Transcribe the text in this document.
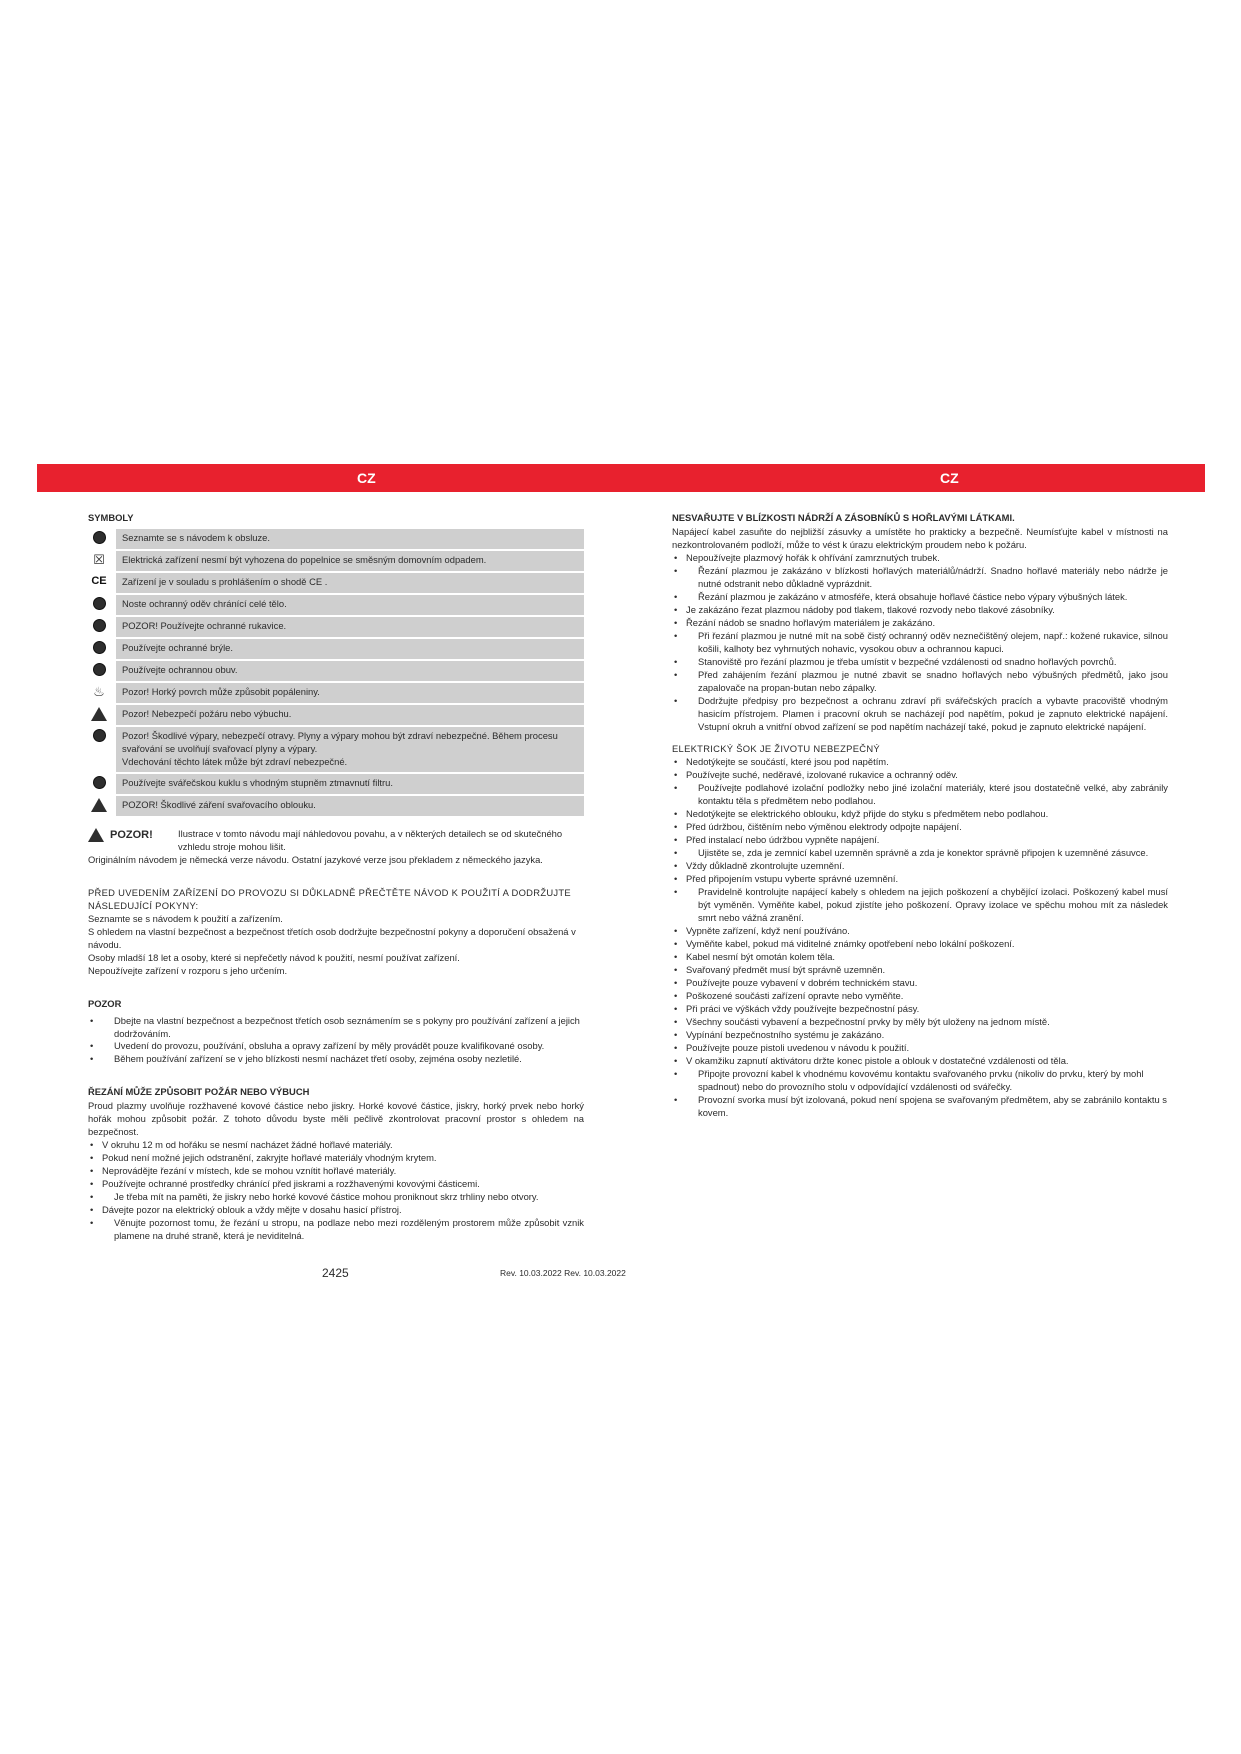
CZ	CZ
SYMBOLY
Seznamte se s návodem k obsluze.
☒	Elektrická zařízení nesmí být vyhozena do popelnice se směsným domovním odpadem.
CE	Zařízení je v souladu s prohlášením o shodě CE .
Noste ochranný oděv chránící celé tělo.
POZOR! Používejte ochranné rukavice.
Používejte ochranné brýle.
Používejte ochrannou obuv.
♨	Pozor! Horký povrch může způsobit popáleniny.
Pozor! Nebezpečí požáru nebo výbuchu.
Pozor! Škodlivé výpary, nebezpečí otravy. Plyny a výpary mohou být zdraví nebezpečné. Během procesu svařování se uvolňují svařovací plyny a výpary.
Vdechování těchto látek může být zdraví nebezpečné.
Používejte svářečskou kuklu s vhodným stupněm ztmavnutí filtru.
POZOR! Škodlivé záření svařovacího oblouku.
POZOR!	Ilustrace v tomto návodu mají náhledovou povahu, a v některých detailech se od skutečného vzhledu stroje mohou lišit.

Originálním návodem je německá verze návodu. Ostatní jazykové verze jsou překladem z německého jazyka.

PŘED UVEDENÍM ZAŘÍZENÍ DO PROVOZU SI DŮKLADNĚ PŘEČTĚTE NÁVOD K POUŽITÍ A DODRŽUJTE NÁSLEDUJÍCÍ POKYNY:

Seznamte se s návodem k použití a zařízením.

S ohledem na vlastní bezpečnost a bezpečnost třetích osob dodržujte bezpečnostní pokyny a doporučení obsažená v návodu.

Osoby mladší 18 let a osoby, které si nepřečetly návod k použití, nesmí používat zařízení.

Nepoužívejte zařízení v rozporu s jeho určením.

POZOR
• Dbejte na vlastní bezpečnost a bezpečnost třetích osob seznámením se s pokyny pro používání zařízení a jejich dodržováním.
• Uvedení do provozu, používání, obsluha a opravy zařízení by měly provádět pouze kvalifikované osoby.
• Během používání zařízení se v jeho blízkosti nesmí nacházet třetí osoby, zejména osoby nezletilé.
ŘEZÁNÍ MŮŽE ZPŮSOBIT POŽÁR NEBO VÝBUCH

Proud plazmy uvolňuje rozžhavené kovové částice nebo jiskry. Horké kovové částice, jiskry, horký prvek nebo horký hořák mohou způsobit požár. Z tohoto důvodu byste měli pečlivě zkontrolovat pracovní prostor s ohledem na bezpečnost.

• V okruhu 12 m od hořáku se nesmí nacházet žádné hořlavé materiály.
• Pokud není možné jejich odstranění, zakryjte hořlavé materiály vhodným krytem.
• Neprovádějte řezání v místech, kde se mohou vznítit hořlavé materiály.
• Používejte ochranné prostředky chránící před jiskrami a rozžhavenými kovovými částicemi.
• Je třeba mít na paměti, že jiskry nebo horké kovové částice mohou proniknout skrz trhliny nebo otvory.
• Dávejte pozor na elektrický oblouk a vždy mějte v dosahu hasicí přístroj.
• Věnujte pozornost tomu, že řezání u stropu, na podlaze nebo mezi rozděleným prostorem může způsobit vznik plamene na druhé straně, která je neviditelná.
NESVAŘUJTE V BLÍZKOSTI NÁDRŽÍ A ZÁSOBNÍKŮ S HOŘLAVÝMI LÁTKAMI.

Napájecí kabel zasuňte do nejbližší zásuvky a umístěte ho prakticky a bezpečně. Neumísťujte kabel v místnosti na nezkontrolovaném podloží, může to vést k úrazu elektrickým proudem nebo k požáru.

• Nepoužívejte plazmový hořák k ohřívání zamrznutých trubek.
• Řezání plazmou je zakázáno v blízkosti hořlavých materiálů/nádrží. Snadno hořlavé materiály nebo nádrže je nutné odstranit nebo důkladně vyprázdnit.
• Řezání plazmou je zakázáno v atmosféře, která obsahuje hořlavé částice nebo výpary výbušných látek.
• Je zakázáno řezat plazmou nádoby pod tlakem, tlakové rozvody nebo tlakové zásobníky.
• Řezání nádob se snadno hořlavým materiálem je zakázáno.
• Při řezání plazmou je nutné mít na sobě čistý ochranný oděv neznečištěný olejem, např.: kožené rukavice, silnou košili, kalhoty bez vyhrnutých nohavic, vysokou obuv a ochrannou kapuci.
• Stanoviště pro řezání plazmou je třeba umístit v bezpečné vzdálenosti od snadno hořlavých povrchů.
• Před zahájením řezání plazmou je nutné zbavit se snadno hořlavých nebo výbušných předmětů, jako jsou zapalovače na propan-butan nebo zápalky.
• Dodržujte předpisy pro bezpečnost a ochranu zdraví při svářečských pracích a vybavte pracoviště vhodným hasicím přístrojem. Plamen i pracovní okruh se nacházejí pod napětím, pokud je zapnuto elektrické napájení. Vstupní okruh a vnitřní obvod zařízení se pod napětím nacházejí také, pokud je zapnuto elektrické napájení.

ELEKTRICKÝ ŠOK JE ŽIVOTU NEBEZPEČNÝ

• Nedotýkejte se součástí, které jsou pod napětím.
• Používejte suché, neděravé, izolované rukavice a ochranný oděv.
• Používejte podlahové izolační podložky nebo jiné izolační materiály, které jsou dostatečně velké, aby zabránily kontaktu těla s předmětem nebo podlahou.
• Nedotýkejte se elektrického oblouku, když přijde do styku s předmětem nebo podlahou.
• Před údržbou, čištěním nebo výměnou elektrody odpojte napájení.
• Před instalací nebo údržbou vypněte napájení.
• Ujistěte se, zda je zemnicí kabel uzemněn správně a zda je konektor správně připojen k uzemněné zásuvce.
• Vždy důkladně zkontrolujte uzemnění.
• Před připojením vstupu vyberte správné uzemnění.
• Pravidelně kontrolujte napájecí kabely s ohledem na jejich poškození a chybějící izolaci. Poškozený kabel musí být vyměněn. Vyměňte kabel, pokud zjistíte jeho poškození. Opravy izolace ve spěchu mohou mít za následek smrt nebo vážná zranění.
• Vypněte zařízení, když není používáno.
• Vyměňte kabel, pokud má viditelné známky opotřebení nebo lokální poškození.
• Kabel nesmí být omotán kolem těla.
• Svařovaný předmět musí být správně uzemněn.
• Používejte pouze vybavení v dobrém technickém stavu.
• Poškozené součásti zařízení opravte nebo vyměňte.
• Při práci ve výškách vždy používejte bezpečnostní pásy.
• Všechny součásti vybavení a bezpečnostní prvky by měly být uloženy na jednom místě.
• Vypínání bezpečnostního systému je zakázáno.
• Používejte pouze pistoli uvedenou v návodu k použití.
• V okamžiku zapnutí aktivátoru držte konec pistole a oblouk v dostatečné vzdálenosti od těla.
• Připojte provozní kabel k vhodnému kovovému kontaktu svařovaného prvku (nikoliv do prvku, který by mohl spadnout) nebo do provozního stolu v odpovídající vzdálenosti od svářečky.
• Provozní svorka musí být izolovaná, pokud není spojena se svařovaným předmětem, aby se zabránilo kontaktu s kovem.
2425	Rev. 10.03.2022 Rev. 10.03.2022
